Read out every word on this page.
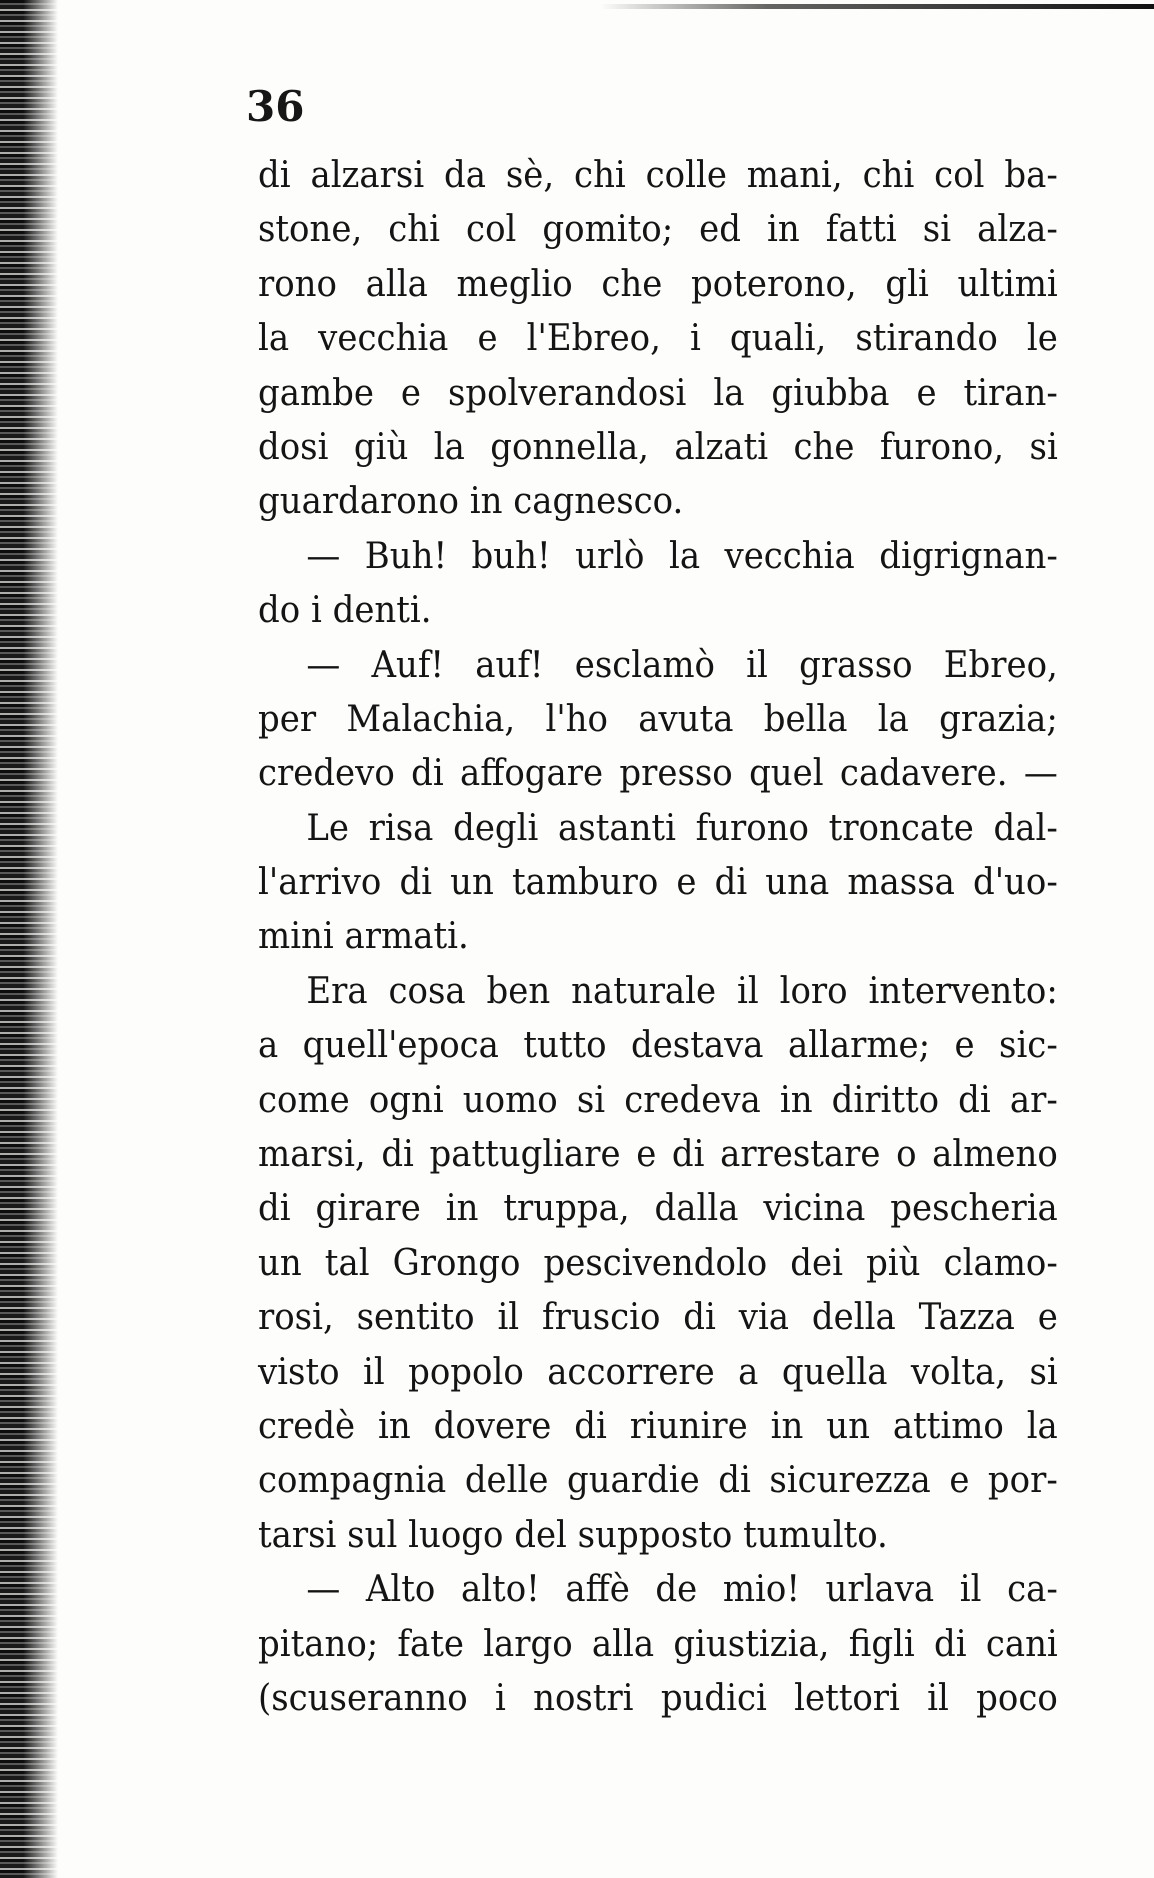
36
di alzarsi da sè, chi colle mani, chi col ba-
stone, chi col gomito; ed in fatti si alza-
rono alla meglio che poterono, gli ultimi
la vecchia e l'Ebreo, i quali, stirando le
gambe e spolverandosi la giubba e tiran-
dosi giù la gonnella, alzati che furono, si
guardarono in cagnesco.
— Buh! buh! urlò la vecchia digrignan-
do i denti.
— Auf! auf! esclamò il grasso Ebreo,
per Malachia, l'ho avuta bella la grazia;
credevo di affogare presso quel cadavere. —
Le risa degli astanti furono troncate dal-
l'arrivo di un tamburo e di una massa d'uo-
mini armati.
Era cosa ben naturale il loro intervento:
a quell'epoca tutto destava allarme; e sic-
come ogni uomo si credeva in diritto di ar-
marsi, di pattugliare e di arrestare o almeno
di girare in truppa, dalla vicina pescheria
un tal Grongo pescivendolo dei più clamo-
rosi, sentito il fruscio di via della Tazza e
visto il popolo accorrere a quella volta, si
credè in dovere di riunire in un attimo la
compagnia delle guardie di sicurezza e por-
tarsi sul luogo del supposto tumulto.
— Alto alto! affè de mio! urlava il ca-
pitano; fate largo alla giustizia, figli di cani
(scuseranno i nostri pudici lettori il poco
